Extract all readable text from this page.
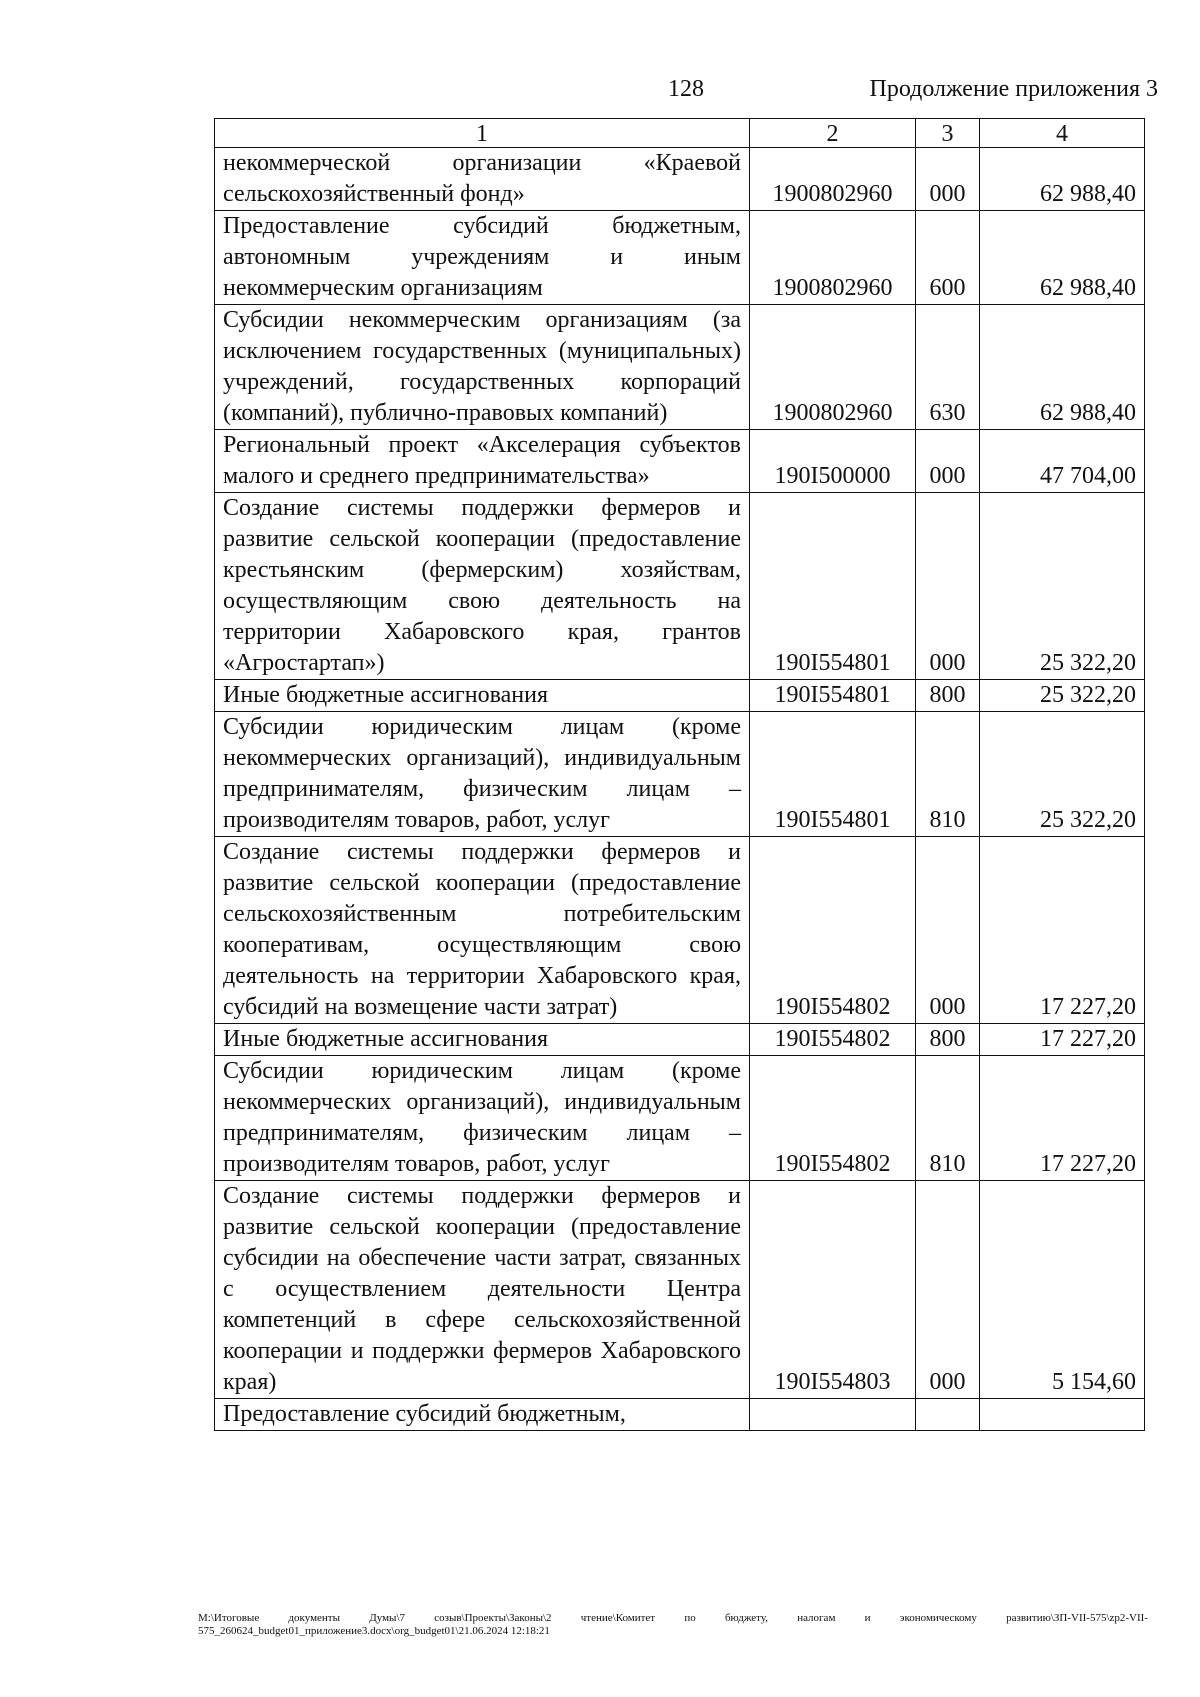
128	Продолжение приложения 3
1	2	3	4
некоммерческой организации «Краевой сельскохозяйственный фонд»	1900802960	000	62 988,40
Предоставление субсидий бюджетным, автономным учреждениям и иным некоммерческим организациям	1900802960	600	62 988,40
Субсидии некоммерческим организациям (за исключением государственных (муниципальных) учреждений, государственных корпораций (компаний), публично-правовых компаний)	1900802960	630	62 988,40
Региональный проект «Акселерация субъектов малого и среднего предпринимательства»	190I500000	000	47 704,00
Создание системы поддержки фермеров и развитие сельской кооперации (предоставление крестьянским (фермерским) хозяйствам, осуществляющим свою деятельность на территории Хабаровского края, грантов «Агростартап»)	190I554801	000	25 322,20
Иные бюджетные ассигнования	190I554801	800	25 322,20
Субсидии юридическим лицам (кроме некоммерческих организаций), индивидуальным предпринимателям, физическим лицам – производителям товаров, работ, услуг	190I554801	810	25 322,20
Создание системы поддержки фермеров и развитие сельской кооперации (предоставление сельскохозяйственным потребительским кооперативам, осуществляющим свою деятельность на территории Хабаровского края, субсидий на возмещение части затрат)	190I554802	000	17 227,20
Иные бюджетные ассигнования	190I554802	800	17 227,20
Субсидии юридическим лицам (кроме некоммерческих организаций), индивидуальным предпринимателям, физическим лицам – производителям товаров, работ, услуг	190I554802	810	17 227,20
Создание системы поддержки фермеров и развитие сельской кооперации (предоставление субсидии на обеспечение части затрат, связанных с осуществлением деятельности Центра компетенций в сфере сельскохозяйственной кооперации и поддержки фермеров Хабаровского края)	190I554803	000	5 154,60
Предоставление субсидий бюджетным,			
M:\Итоговые документы Думы\7 созыв\Проекты\Законы\2 чтение\Комитет по бюджету, налогам и экономическому развитию\ЗП-VII-575\zp2-VII-575_260624_budget01_приложение3.docx\org_budget01\21.06.2024 12:18:21
